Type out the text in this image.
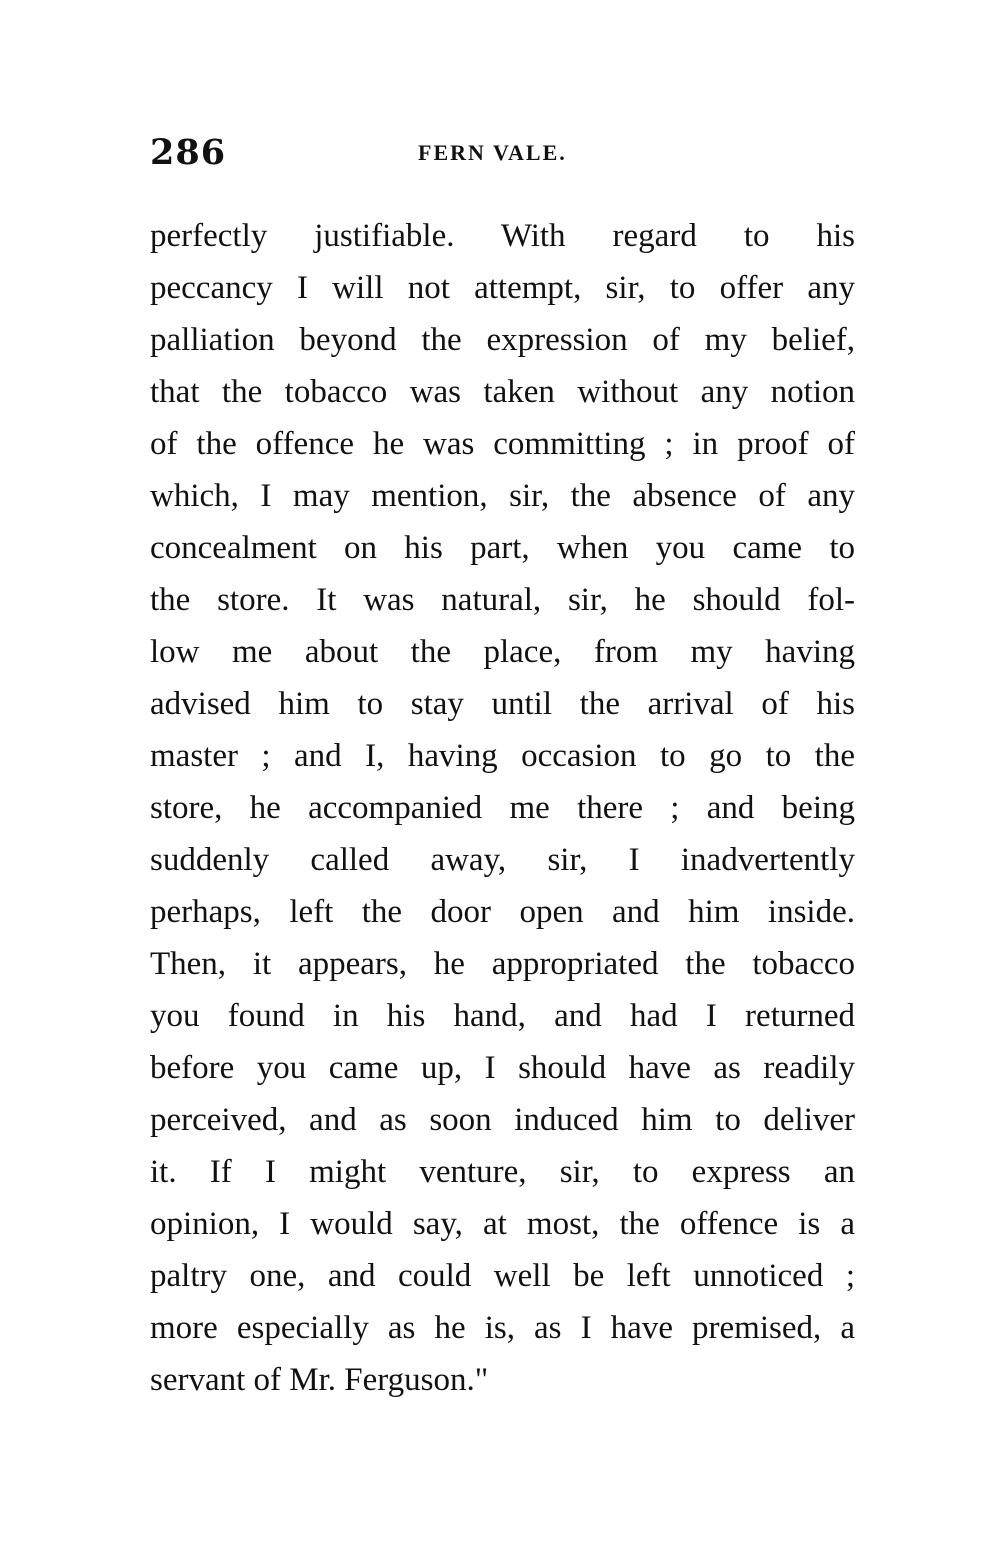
286	FERN VALE.
perfectly justifiable. With regard to his
peccancy I will not attempt, sir, to offer any
palliation beyond the expression of my belief,
that the tobacco was taken without any notion
of the offence he was committing ; in proof of
which, I may mention, sir, the absence of any
concealment on his part, when you came to
the store. It was natural, sir, he should fol-
low me about the place, from my having
advised him to stay until the arrival of his
master ; and I, having occasion to go to the
store, he accompanied me there ; and being
suddenly called away, sir, I inadvertently
perhaps, left the door open and him inside.
Then, it appears, he appropriated the tobacco
you found in his hand, and had I returned
before you came up, I should have as readily
perceived, and as soon induced him to deliver
it. If I might venture, sir, to express an
opinion, I would say, at most, the offence is a
paltry one, and could well be left unnoticed ;
more especially as he is, as I have premised, a
servant of Mr. Ferguson."
